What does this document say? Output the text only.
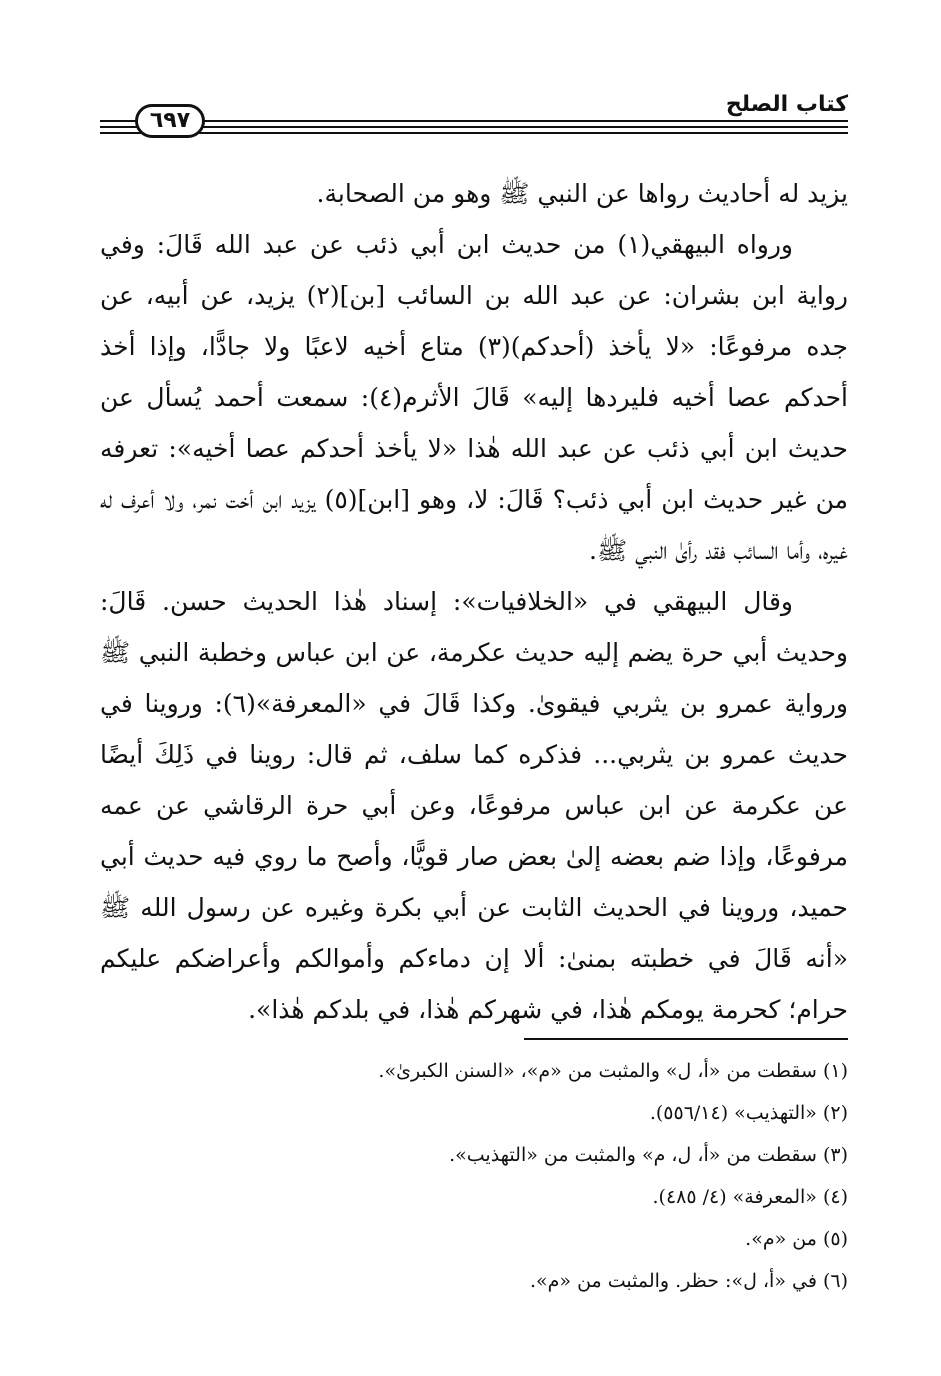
كتاب الصلح
٦٩٧

يزيد له أحاديث رواها عن النبي ﷺ وهو من الصحابة.

ورواه البيهقي(١) من حديث ابن أبي ذئب عن عبد الله قَالَ: وفي رواية ابن بشران: عن عبد الله بن السائب [بن](٢) يزيد، عن أبيه، عن جده مرفوعًا: «لا يأخذ (أحدكم)(٣) متاع أخيه لاعبًا ولا جادًّا، وإذا أخذ أحدكم عصا أخيه فليردها إليه» قَالَ الأثرم(٤): سمعت أحمد يُسأل عن حديث ابن أبي ذئب عن عبد الله هٰذا «لا يأخذ أحدكم عصا أخيه»: تعرفه من غير حديث ابن أبي ذئب؟ قَالَ: لا، وهو [ابن](٥) يزيد ابن أخت نمر، ولا أعرف له غيره، وأما السائب فقد رأىٰ النبي ﷺ.

وقال البيهقي في «الخلافيات»: إسناد هٰذا الحديث حسن. قَالَ: وحديث أبي حرة يضم إليه حديث عكرمة، عن ابن عباس وخطبة النبي ﷺ ورواية عمرو بن يثربي فيقوىٰ. وكذا قَالَ في «المعرفة»(٦): وروينا في حديث عمرو بن يثربي... فذكره كما سلف، ثم قال: روينا في ذَلِكَ أيضًا عن عكرمة عن ابن عباس مرفوعًا، وعن أبي حرة الرقاشي عن عمه مرفوعًا، وإذا ضم بعضه إلىٰ بعض صار قويًّا، وأصح ما روي فيه حديث أبي حميد، وروينا في الحديث الثابت عن أبي بكرة وغيره عن رسول الله ﷺ «أنه قَالَ في خطبته بمنىٰ: ألا إن دماءكم وأموالكم وأعراضكم عليكم حرام؛ كحرمة يومكم هٰذا، في شهركم هٰذا، في بلدكم هٰذا».

(١) سقطت من «أ، ل» والمثبت من «م»، «السنن الكبرىٰ».

(٢) «التهذيب» (٥٥٦/١٤).

(٣) سقطت من «أ، ل، م» والمثبت من «التهذيب».

(٤) «المعرفة» (٤/ ٤٨٥).

(٥) من «م».

(٦) في «أ، ل»: حظر. والمثبت من «م».
